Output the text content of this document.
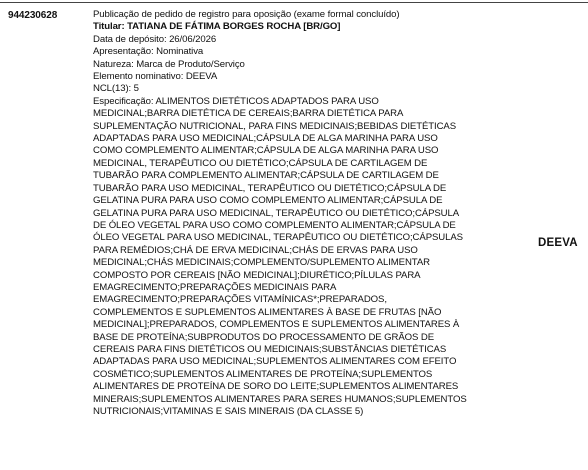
944230628	Publicação de pedido de registro para oposição (exame formal concluído)
Titular: TATIANA DE FÁTIMA BORGES ROCHA [BR/GO]
Data de depósito: 26/06/2026
Apresentação: Nominativa
Natureza: Marca de Produto/Serviço
Elemento nominativo: DEEVA
NCL(13): 5
Especificação: ALIMENTOS DIETÉTICOS ADAPTADOS PARA USO
MEDICINAL;BARRA DIETÉTICA DE CEREAIS;BARRA DIETÉTICA PARA
SUPLEMENTAÇÃO NUTRICIONAL, PARA FINS MEDICINAIS;BEBIDAS DIETÉTICAS
ADAPTADAS PARA USO MEDICINAL;CÁPSULA DE ALGA MARINHA PARA USO
COMO COMPLEMENTO ALIMENTAR;CÁPSULA DE ALGA MARINHA PARA USO
MEDICINAL, TERAPÊUTICO OU DIETÉTICO;CÁPSULA DE CARTILAGEM DE
TUBARÃO PARA COMPLEMENTO ALIMENTAR;CÁPSULA DE CARTILAGEM DE
TUBARÃO PARA USO MEDICINAL, TERAPÊUTICO OU DIETÉTICO;CÁPSULA DE
GELATINA PURA PARA USO COMO COMPLEMENTO ALIMENTAR;CÁPSULA DE
GELATINA PURA PARA USO MEDICINAL, TERAPÊUTICO OU DIETÉTICO;CÁPSULA
DE ÓLEO VEGETAL PARA USO COMO COMPLEMENTO ALIMENTAR;CÁPSULA DE
ÓLEO VEGETAL PARA USO MEDICINAL, TERAPÊUTICO OU DIETÉTICO;CÁPSULAS
PARA REMÉDIOS;CHÁ DE ERVA MEDICINAL;CHÁS DE ERVAS PARA USO
MEDICINAL;CHÁS MEDICINAIS;COMPLEMENTO/SUPLEMENTO ALIMENTAR
COMPOSTO POR CEREAIS [NÃO MEDICINAL];DIURÉTICO;PÍLULAS PARA
EMAGRECIMENTO;PREPARAÇÕES MEDICINAIS PARA
EMAGRECIMENTO;PREPARAÇÕES VITAMÍNICAS*;PREPARADOS,
COMPLEMENTOS E SUPLEMENTOS ALIMENTARES À BASE DE FRUTAS [NÃO
MEDICINAL];PREPARADOS, COMPLEMENTOS E SUPLEMENTOS ALIMENTARES À
BASE DE PROTEÍNA;SUBPRODUTOS DO PROCESSAMENTO DE GRÃOS DE
CEREAIS PARA FINS DIETÉTICOS OU MEDICINAIS;SUBSTÂNCIAS DIETÉTICAS
ADAPTADAS PARA USO MEDICINAL;SUPLEMENTOS ALIMENTARES COM EFEITO
COSMÉTICO;SUPLEMENTOS ALIMENTARES DE PROTEÍNA;SUPLEMENTOS
ALIMENTARES DE PROTEÍNA DE SORO DO LEITE;SUPLEMENTOS ALIMENTARES
MINERAIS;SUPLEMENTOS ALIMENTARES PARA SERES HUMANOS;SUPLEMENTOS
NUTRICIONAIS;VITAMINAS E SAIS MINERAIS (DA CLASSE 5)
DEEVA
